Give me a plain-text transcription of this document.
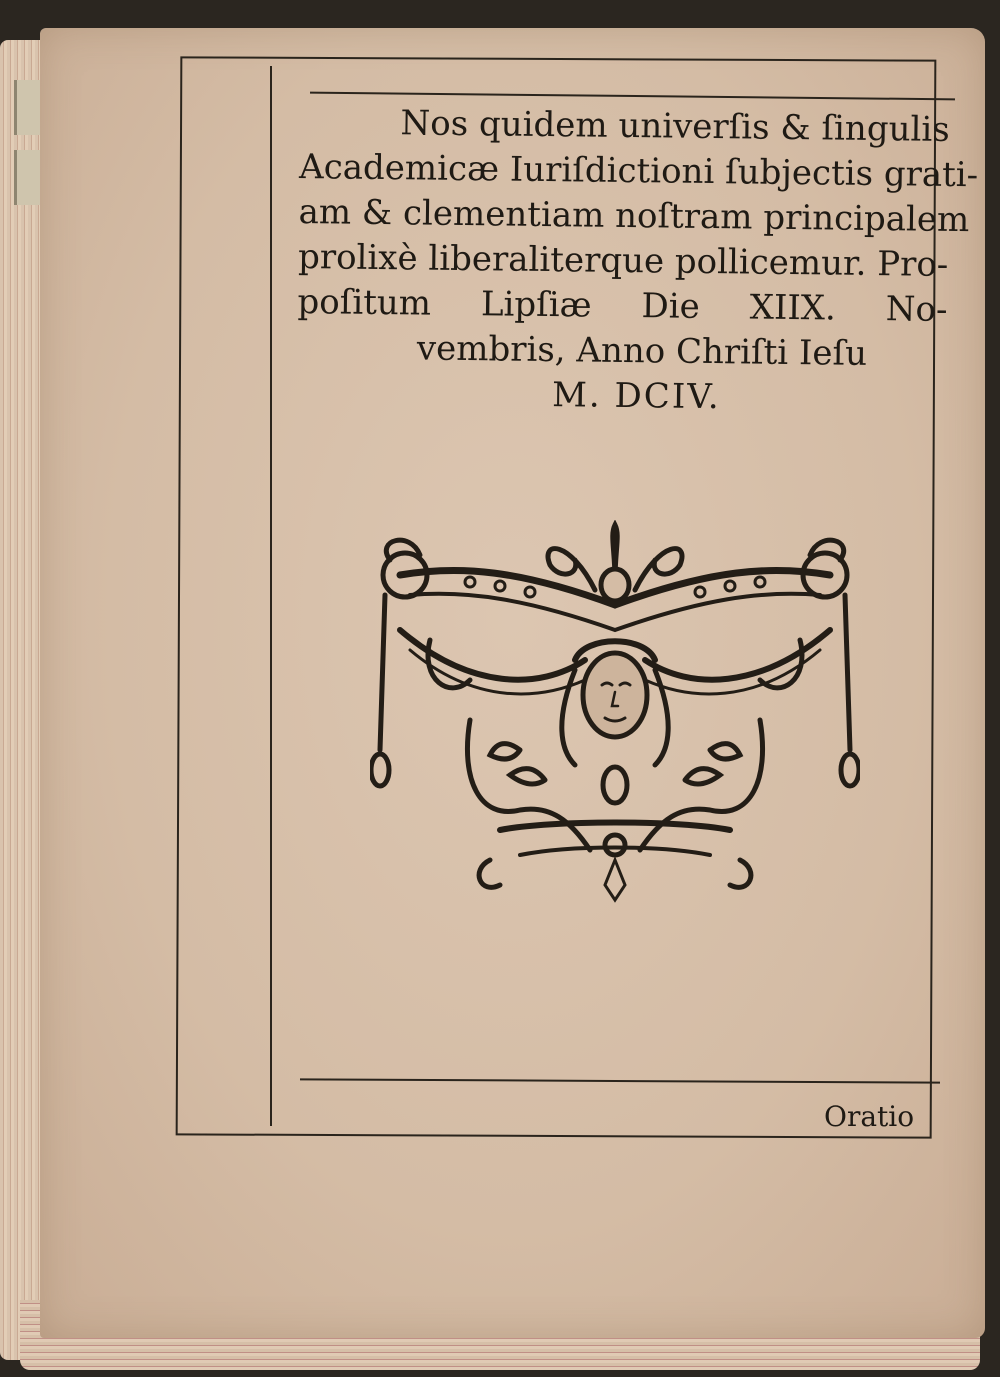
Nos quidem univerſis & ſingulis
Academicæ Iuriſdictioni ſubjectis grati-
am & clementiam noſtram principalem
prolixè liberaliterque pollicemur. Pro-
poſitum Lipſiæ Die XIIX. No-
vembris, Anno Chriſti Ieſu
M. DCIV.
Oratio
